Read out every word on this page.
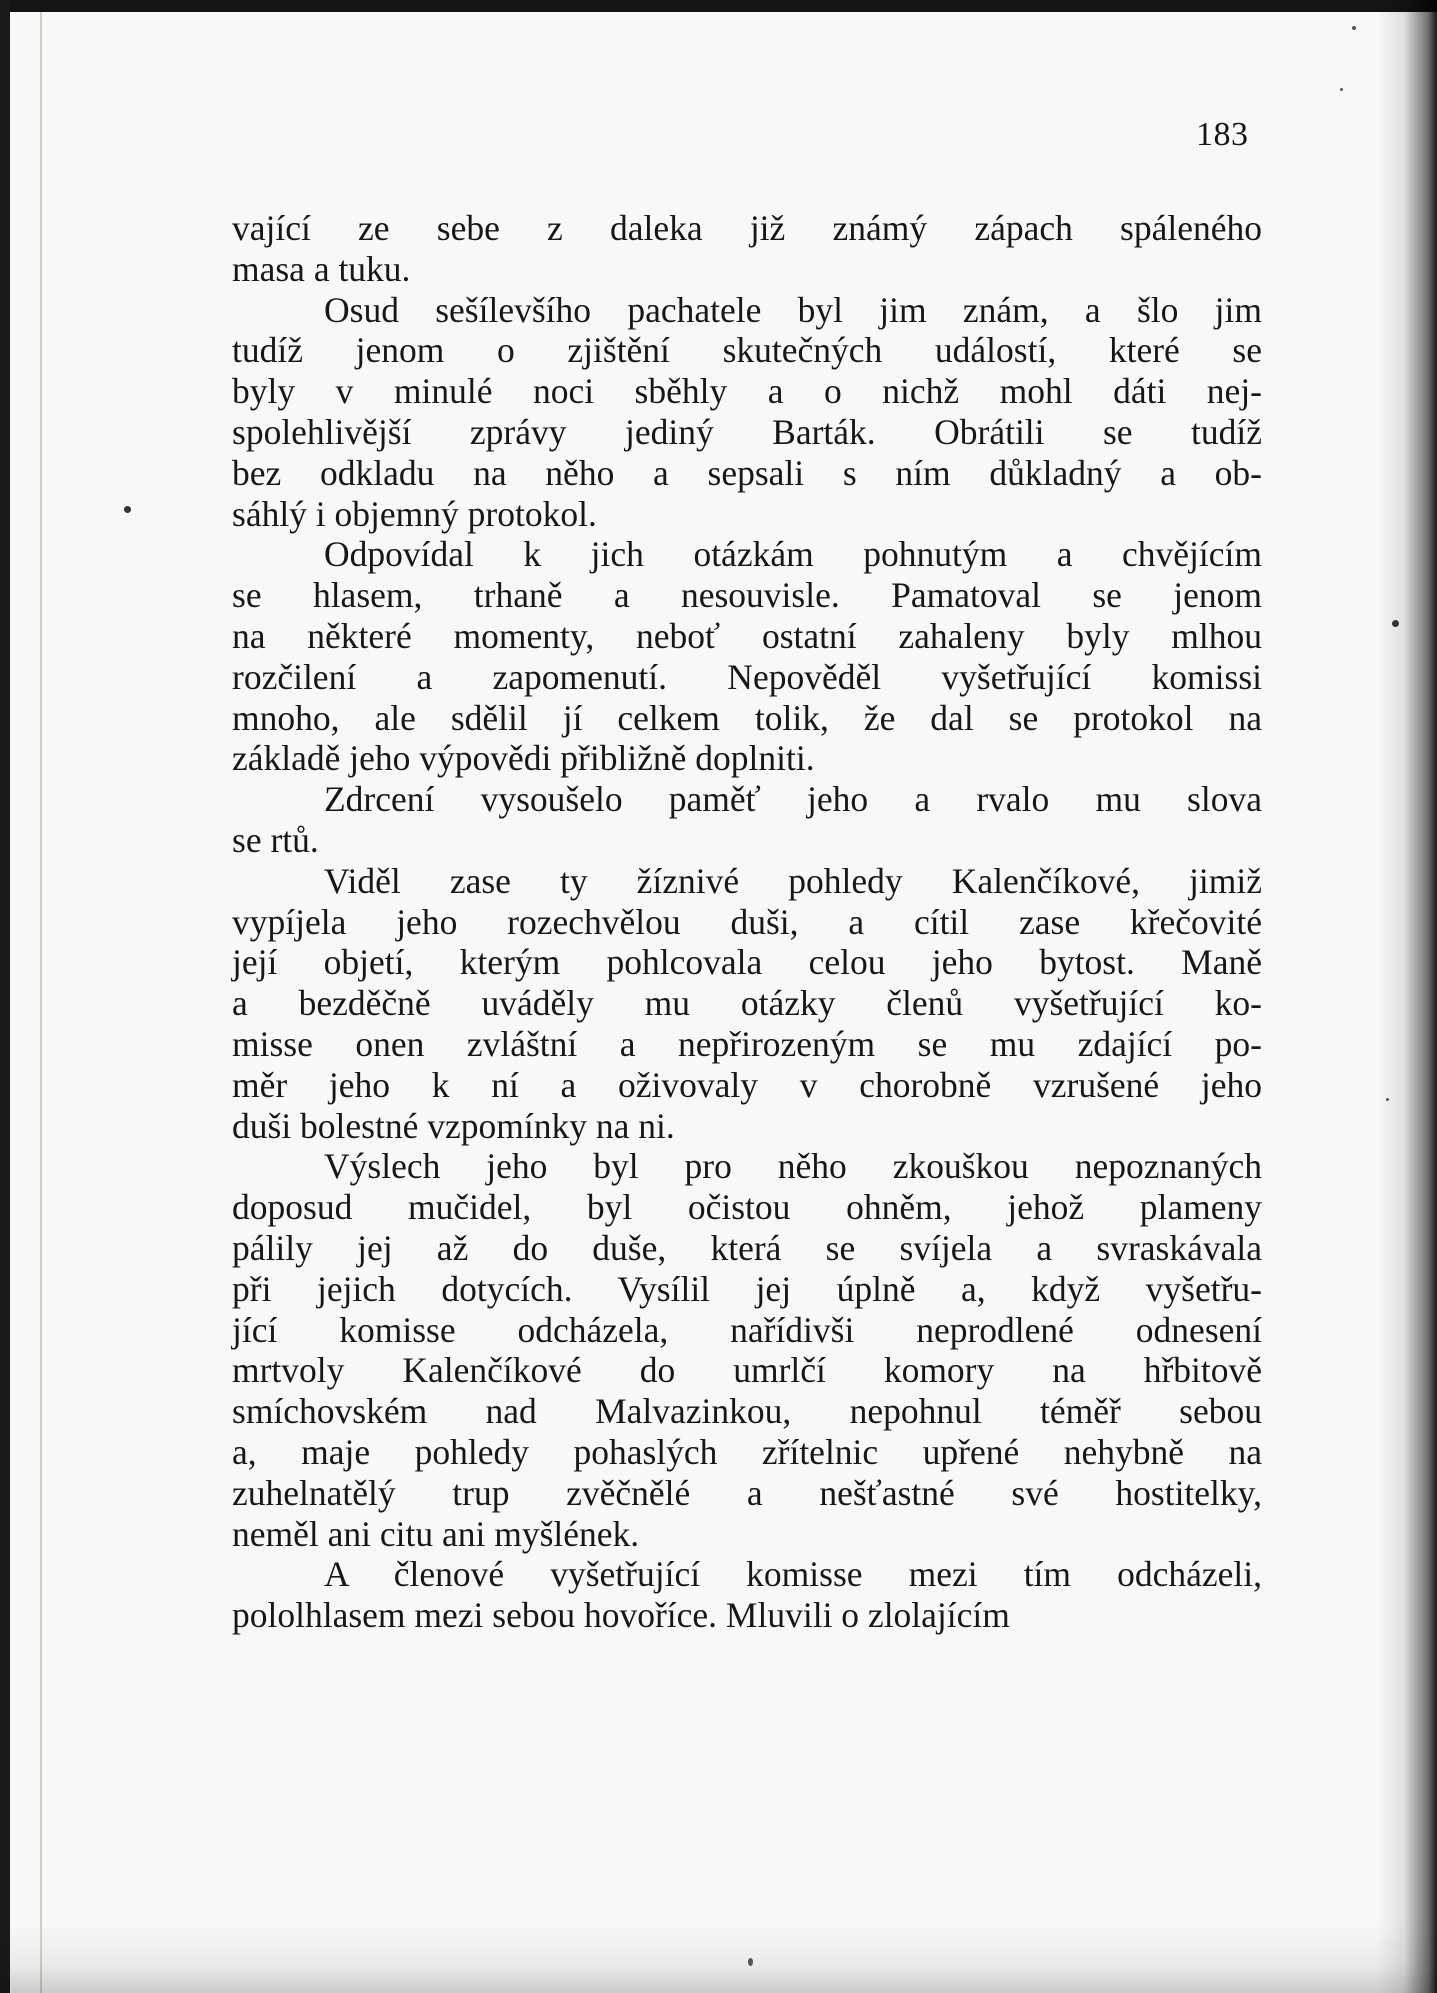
183
vající ze sebe z daleka již známý zápach spáleného
masa a tuku.
Osud sešílevšího pachatele byl jim znám, a šlo jim
tudíž jenom o zjištění skutečných událostí, které se
byly v minulé noci sběhly a o nichž mohl dáti nej-
spolehlivější zprávy jediný Barták. Obrátili se tudíž
bez odkladu na něho a sepsali s ním důkladný a ob-
sáhlý i objemný protokol.
Odpovídal k jich otázkám pohnutým a chvějícím
se hlasem, trhaně a nesouvisle. Pamatoval se jenom
na některé momenty, neboť ostatní zahaleny byly mlhou
rozčilení a zapomenutí. Nepověděl vyšetřující komissi
mnoho, ale sdělil jí celkem tolik, že dal se protokol na
základě jeho výpovědi přibližně doplniti.
Zdrcení vysoušelo paměť jeho a rvalo mu slova
se rtů.
Viděl zase ty žíznivé pohledy Kalenčíkové, jimiž
vypíjela jeho rozechvělou duši, a cítil zase křečovité
její objetí, kterým pohlcovala celou jeho bytost. Maně
a bezděčně uváděly mu otázky členů vyšetřující ko-
misse onen zvláštní a nepřirozeným se mu zdající po-
měr jeho k ní a oživovaly v chorobně vzrušené jeho
duši bolestné vzpomínky na ni.
Výslech jeho byl pro něho zkouškou nepoznaných
doposud mučidel, byl očistou ohněm, jehož plameny
pálily jej až do duše, která se svíjela a svraskávala
při jejich dotycích. Vysílil jej úplně a, když vyšetřu-
jící komisse odcházela, nařídivši neprodlené odnesení
mrtvoly Kalenčíkové do umrlčí komory na hřbitově
smíchovském nad Malvazinkou, nepohnul téměř sebou
a, maje pohledy pohaslých zřítelnic upřené nehybně na
zuhelnatělý trup zvěčnělé a nešťastné své hostitelky,
neměl ani citu ani myšlének.
A členové vyšetřující komisse mezi tím odcházeli,
pololhlasem mezi sebou hovoříce. Mluvili o zlolajícím
